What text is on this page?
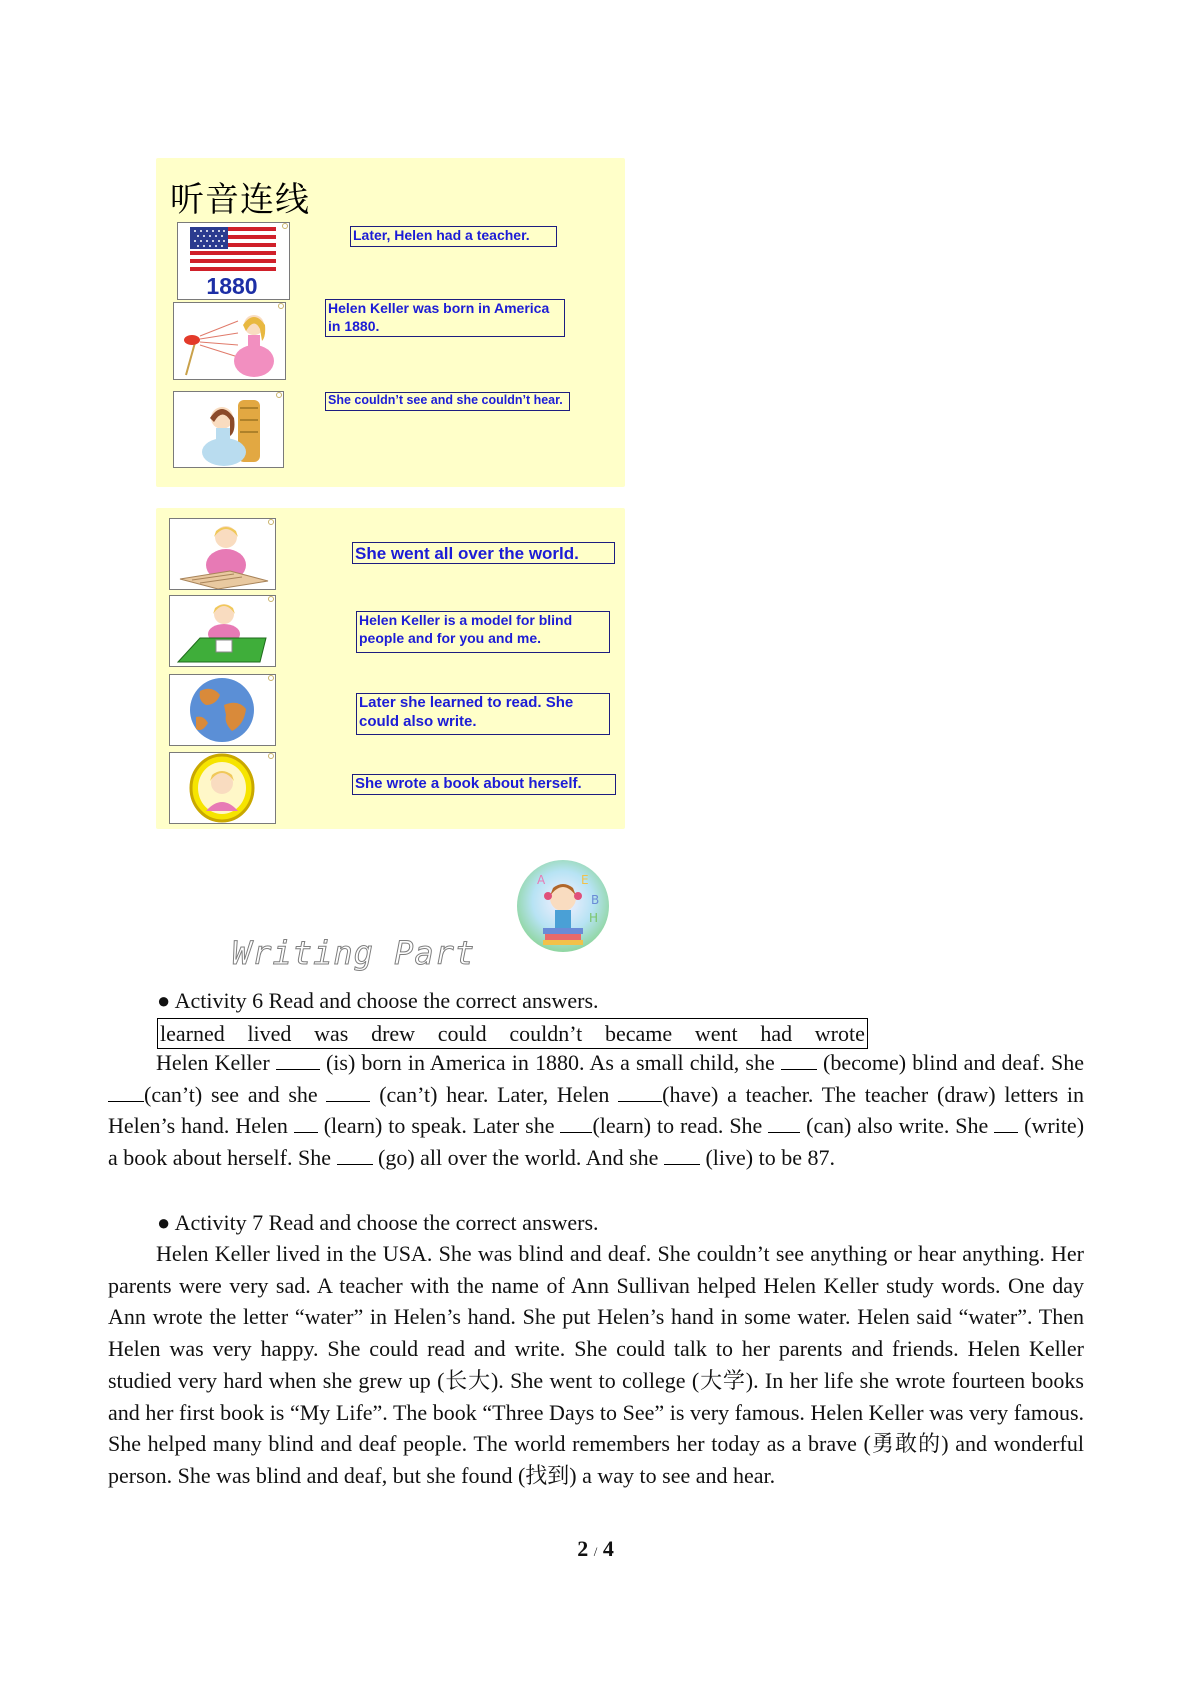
听音连线
1880
Later, Helen had a teacher.
Helen Keller was born in America in 1880.
She couldn’t see and she couldn’t hear.
She went all over the world.
Helen Keller is a model for blind people and for you and me.
Later she learned to read. She could also write.
She wrote a book about herself.
A	E
B
H
Writing Part
● Activity 6 Read and choose the correct answers.
learned lived was drew could couldn’t became went had wrote

Helen Keller  (is) born in America in 1880. As a small child, she  (become) blind and deaf. She (can’t) see and she  (can’t) hear. Later, Helen (have) a teacher. The teacher (draw) letters in Helen’s hand. Helen  (learn) to speak. Later she (learn) to read. She  (can) also write. She  (write) a book about herself. She  (go) all over the world. And she  (live) to be 87.

● Activity 7 Read and choose the correct answers.

Helen Keller lived in the USA. She was blind and deaf. She couldn’t see anything or hear anything. Her parents were very sad. A teacher with the name of Ann Sullivan helped Helen Keller study words. One day Ann wrote the letter “water” in Helen’s hand. She put Helen’s hand in some water. Helen said “water”. Then Helen was very happy. She could read and write. She could talk to her parents and friends. Helen Keller studied very hard when she grew up (长大). She went to college (大学). In her life she wrote fourteen books and her first book is “My Life”. The book “Three Days to See” is very famous. Helen Keller was very famous. She helped many blind and deaf people. The world remembers her today as a brave (勇敢的) and wonderful person. She was blind and deaf, but she found (找到) a way to see and hear.

2 / 4
